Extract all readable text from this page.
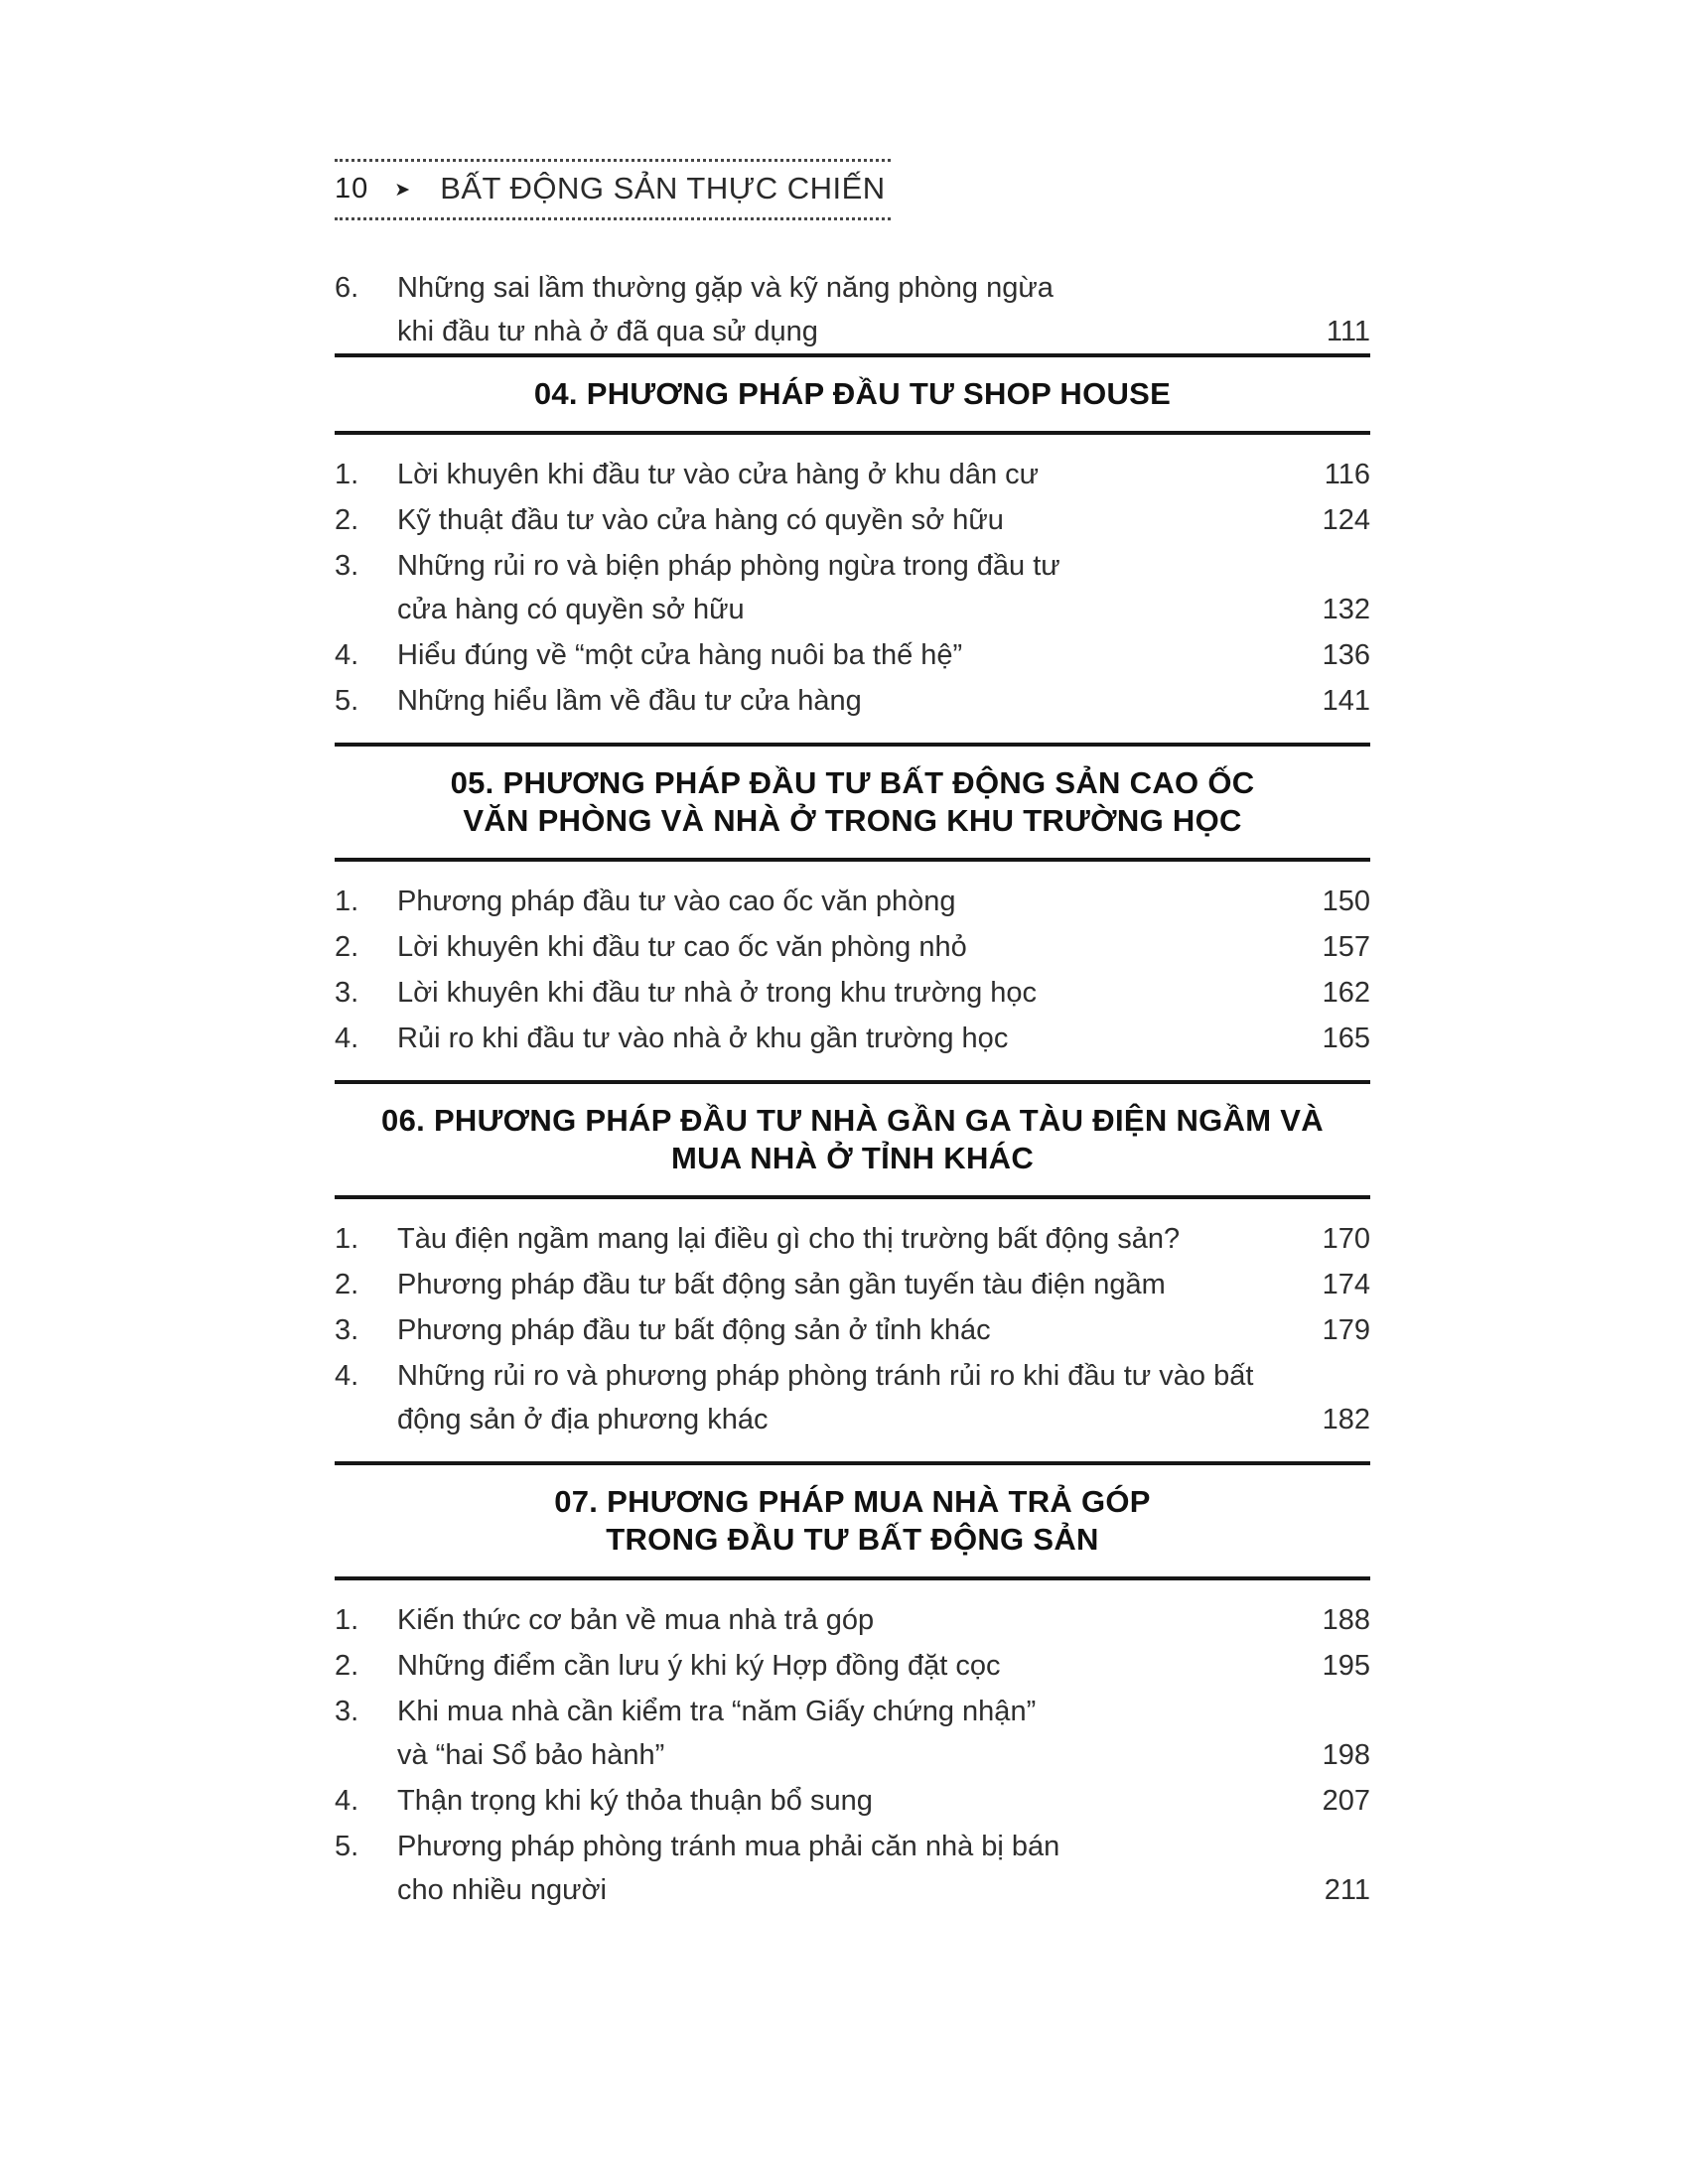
10 ➤ BẤT ĐỘNG SẢN THỰC CHIẾN
6.	Những sai lầm thường gặp và kỹ năng phòng ngừa
khi đầu tư nhà ở đã qua sử dụng	111
04. PHƯƠNG PHÁP ĐẦU TƯ SHOP HOUSE
1.	Lời khuyên khi đầu tư vào cửa hàng ở khu dân cư	116
2.	Kỹ thuật đầu tư vào cửa hàng có quyền sở hữu	124
3.	Những rủi ro và biện pháp phòng ngừa trong đầu tư
cửa hàng có quyền sở hữu	132
4.	Hiểu đúng về “một cửa hàng nuôi ba thế hệ”	136
5.	Những hiểu lầm về đầu tư cửa hàng	141
05. PHƯƠNG PHÁP ĐẦU TƯ BẤT ĐỘNG SẢN CAO ỐC
VĂN PHÒNG VÀ NHÀ Ở TRONG KHU TRƯỜNG HỌC
1.	Phương pháp đầu tư vào cao ốc văn phòng	150
2.	Lời khuyên khi đầu tư cao ốc văn phòng nhỏ	157
3.	Lời khuyên khi đầu tư nhà ở trong khu trường học	162
4.	Rủi ro khi đầu tư vào nhà ở khu gần trường học	165
06. PHƯƠNG PHÁP ĐẦU TƯ NHÀ GẦN GA TÀU ĐIỆN NGẦM VÀ
MUA NHÀ Ở TỈNH KHÁC
1.	Tàu điện ngầm mang lại điều gì cho thị trường bất động sản?	170
2.	Phương pháp đầu tư bất động sản gần tuyến tàu điện ngầm	174
3.	Phương pháp đầu tư bất động sản ở tỉnh khác	179
4.	Những rủi ro và phương pháp phòng tránh rủi ro khi đầu tư vào bất
động sản ở địa phương khác	182
07. PHƯƠNG PHÁP MUA NHÀ TRẢ GÓP
TRONG ĐẦU TƯ BẤT ĐỘNG SẢN
1.	Kiến thức cơ bản về mua nhà trả góp	188
2.	Những điểm cần lưu ý khi ký Hợp đồng đặt cọc	195
3.	Khi mua nhà cần kiểm tra “năm Giấy chứng nhận”
và “hai Sổ bảo hành”	198
4.	Thận trọng khi ký thỏa thuận bổ sung	207
5.	Phương pháp phòng tránh mua phải căn nhà bị bán
cho nhiều người	211
